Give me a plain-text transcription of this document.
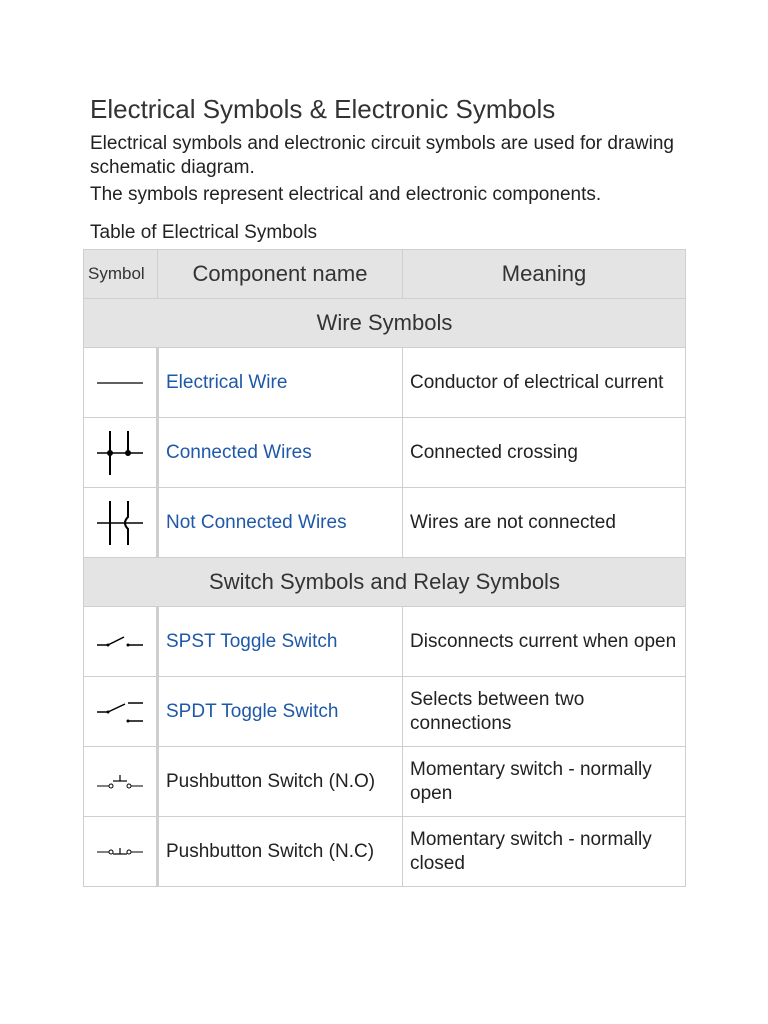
Electrical Symbols & Electronic Symbols

Electrical symbols and electronic circuit symbols are used for drawing schematic diagram.

The symbols represent electrical and electronic components.

Table of Electrical Symbols

Symbol	Component name	Meaning
Wire Symbols		

	Electrical Wire	Conductor of electrical current

	Connected Wires	Connected crossing

	Not Connected Wires	Wires are not connected
Switch Symbols and Relay Symbols		

	SPST Toggle Switch	Disconnects current when open

	SPDT Toggle Switch	Selects between two connections

	Pushbutton Switch (N.O)	Momentary switch - normally open

	Pushbutton Switch (N.C)	Momentary switch - normally closed
